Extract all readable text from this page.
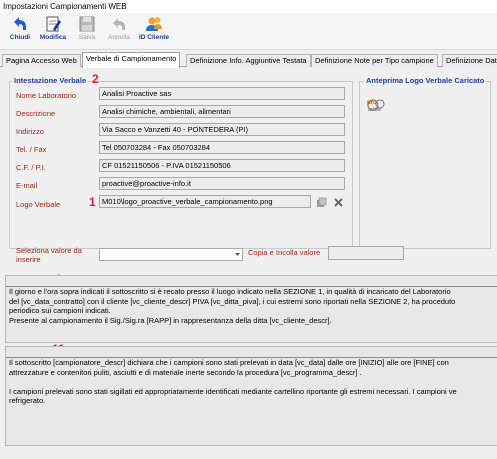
Impostazioni Campionamenti WEB
Chiudi	Modifica	Salva	Annulla	ID Cliente
Pagina Accesso Web	Verbale di Campionamento	Definizione Info. Aggiuntive Testata	Definizione Note per Tipo campione	Definizione Dat
Intestazione Verbale 2
Nome Laboratorio	Analisi Proactive sas
Descrizione	Analisi chimiche, ambientali, alimentari
Indirizzo	Via Sacco e Vanzetti 40 - PONTEDERA (PI)
Tel. / Fax	Tel 050703284 - Fax 050703284
C.F. / P.I.	CF 01521150506 - P.IVA 01521150506
E-mail	proactive@proactive-info.it
Logo Verbale 1 M010\logo_proactive_verbale_campionamento.png
Anteprima Logo Verbale Caricato
pro
active
Seleziona valore da
inserire
Copia e Incolla valore

Il giorno e l'ora sopra indicati il sottoscritto si è recato presso il luogo indicato nella SEZIONE 1, in qualità di incaricato del Laboratorio

del [vc_data_contratto] con il cliente [vc_cliente_descr] PIVA [vc_ditta_piva], i cui estremi sono riportati nella SEZIONE 2, ha proceduto

periodico sui campioni indicati.

Presente al campionamento il Sig./Sig.ra [RAPP] in rappresentanza della ditta [vc_cliente_descr].

Il sottoscritto [campionatore_descr] dichiara che i campioni sono stati prelevati in data [vc_data] dalle ore [INIZIO] alle ore [FINE] con

attrezzature e contenitori puliti, asciutti e di materiale inerte secondo la procedura [vc_programma_descr] .

I campioni prelevati sono stati sigillati ed appropriatamente identificati mediante cartellino riportante gli estremi necessari. I campioni ve

refrigerato.
